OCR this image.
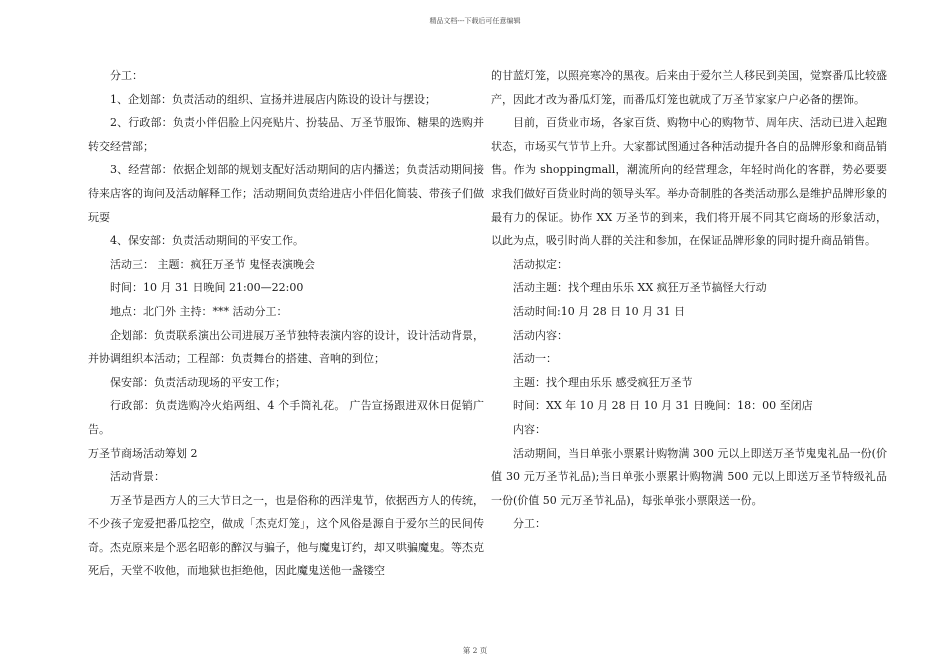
精品文档---下载后可任意编辑

分工：

1、企划部：负责活动的组织、宣扬并进展店内陈设的设计与摆设；

2、行政部：负责小伴侣脸上闪亮贴片、扮装品、万圣节服饰、糖果的选购并转交经营部；

3、经营部：依据企划部的规划支配好活动期间的店内播送；负责活动期间接待来店客的询问及活动解释工作；活动期间负责给进店小伴侣化简装、带孩子们做玩耍

4、保安部：负责活动期间的平安工作。

活动三： 主题：疯狂万圣节 鬼怪表演晚会

时间：10 月 31 日晚间 21:00—22:00

地点：北门外 主持：*** 活动分工：

企划部：负责联系演出公司进展万圣节独特表演内容的设计，设计活动背景，并协调组织本活动；工程部：负责舞台的搭建、音响的到位；

保安部：负责活动现场的平安工作；

行政部：负责选购冷火焰两组、4 个手筒礼花。 广告宣扬跟进双休日促销广告。

万圣节商场活动筹划 2

活动背景：

万圣节是西方人的三大节日之一，也是俗称的西洋鬼节，依据西方人的传统，不少孩子宠爱把番瓜挖空，做成「杰克灯笼」，这个风俗是源自于爱尔兰的民间传奇。杰克原来是个恶名昭彰的醉汉与骗子，他与魔鬼订约，却又哄骗魔鬼。等杰克死后，天堂不收他，而地狱也拒绝他，因此魔鬼送他一盏镂空

的甘蓝灯笼，以照亮寒冷的黑夜。后来由于爱尔兰人移民到美国，觉察番瓜比较盛产，因此才改为番瓜灯笼，而番瓜灯笼也就成了万圣节家家户户必备的摆饰。

目前，百货业市场，各家百货、购物中心的购物节、周年庆、活动已进入起跑状态，市场买气节节上升。大家都试图通过各种活动提升各自的品牌形象和商品销售。作为 shoppingmall，潮流所向的经营理念，年轻时尚化的客群，势必要要求我们做好百货业时尚的领导头军。举办奇制胜的各类活动那么是维护品牌形象的最有力的保证。协作 XX 万圣节的到来，我们将开展不同其它商场的形象活动，以此为点，吸引时尚人群的关注和参加，在保证品牌形象的同时提升商品销售。

活动拟定：

活动主题：找个理由乐乐 XX 疯狂万圣节搞怪大行动

活动时间:10 月 28 日 10 月 31 日

活动内容：

活动一：

主题：找个理由乐乐 感受疯狂万圣节

时间：XX 年 10 月 28 日 10 月 31 日晚间：18：00 至闭店

内容：

活动期间，当日单张小票累计购物满 300 元以上即送万圣节鬼鬼礼品一份(价值 30 元万圣节礼品);当日单张小票累计购物满 500 元以上即送万圣节特级礼品一份(价值 50 元万圣节礼品)，每张单张小票限送一份。

分工：

第 2 页
